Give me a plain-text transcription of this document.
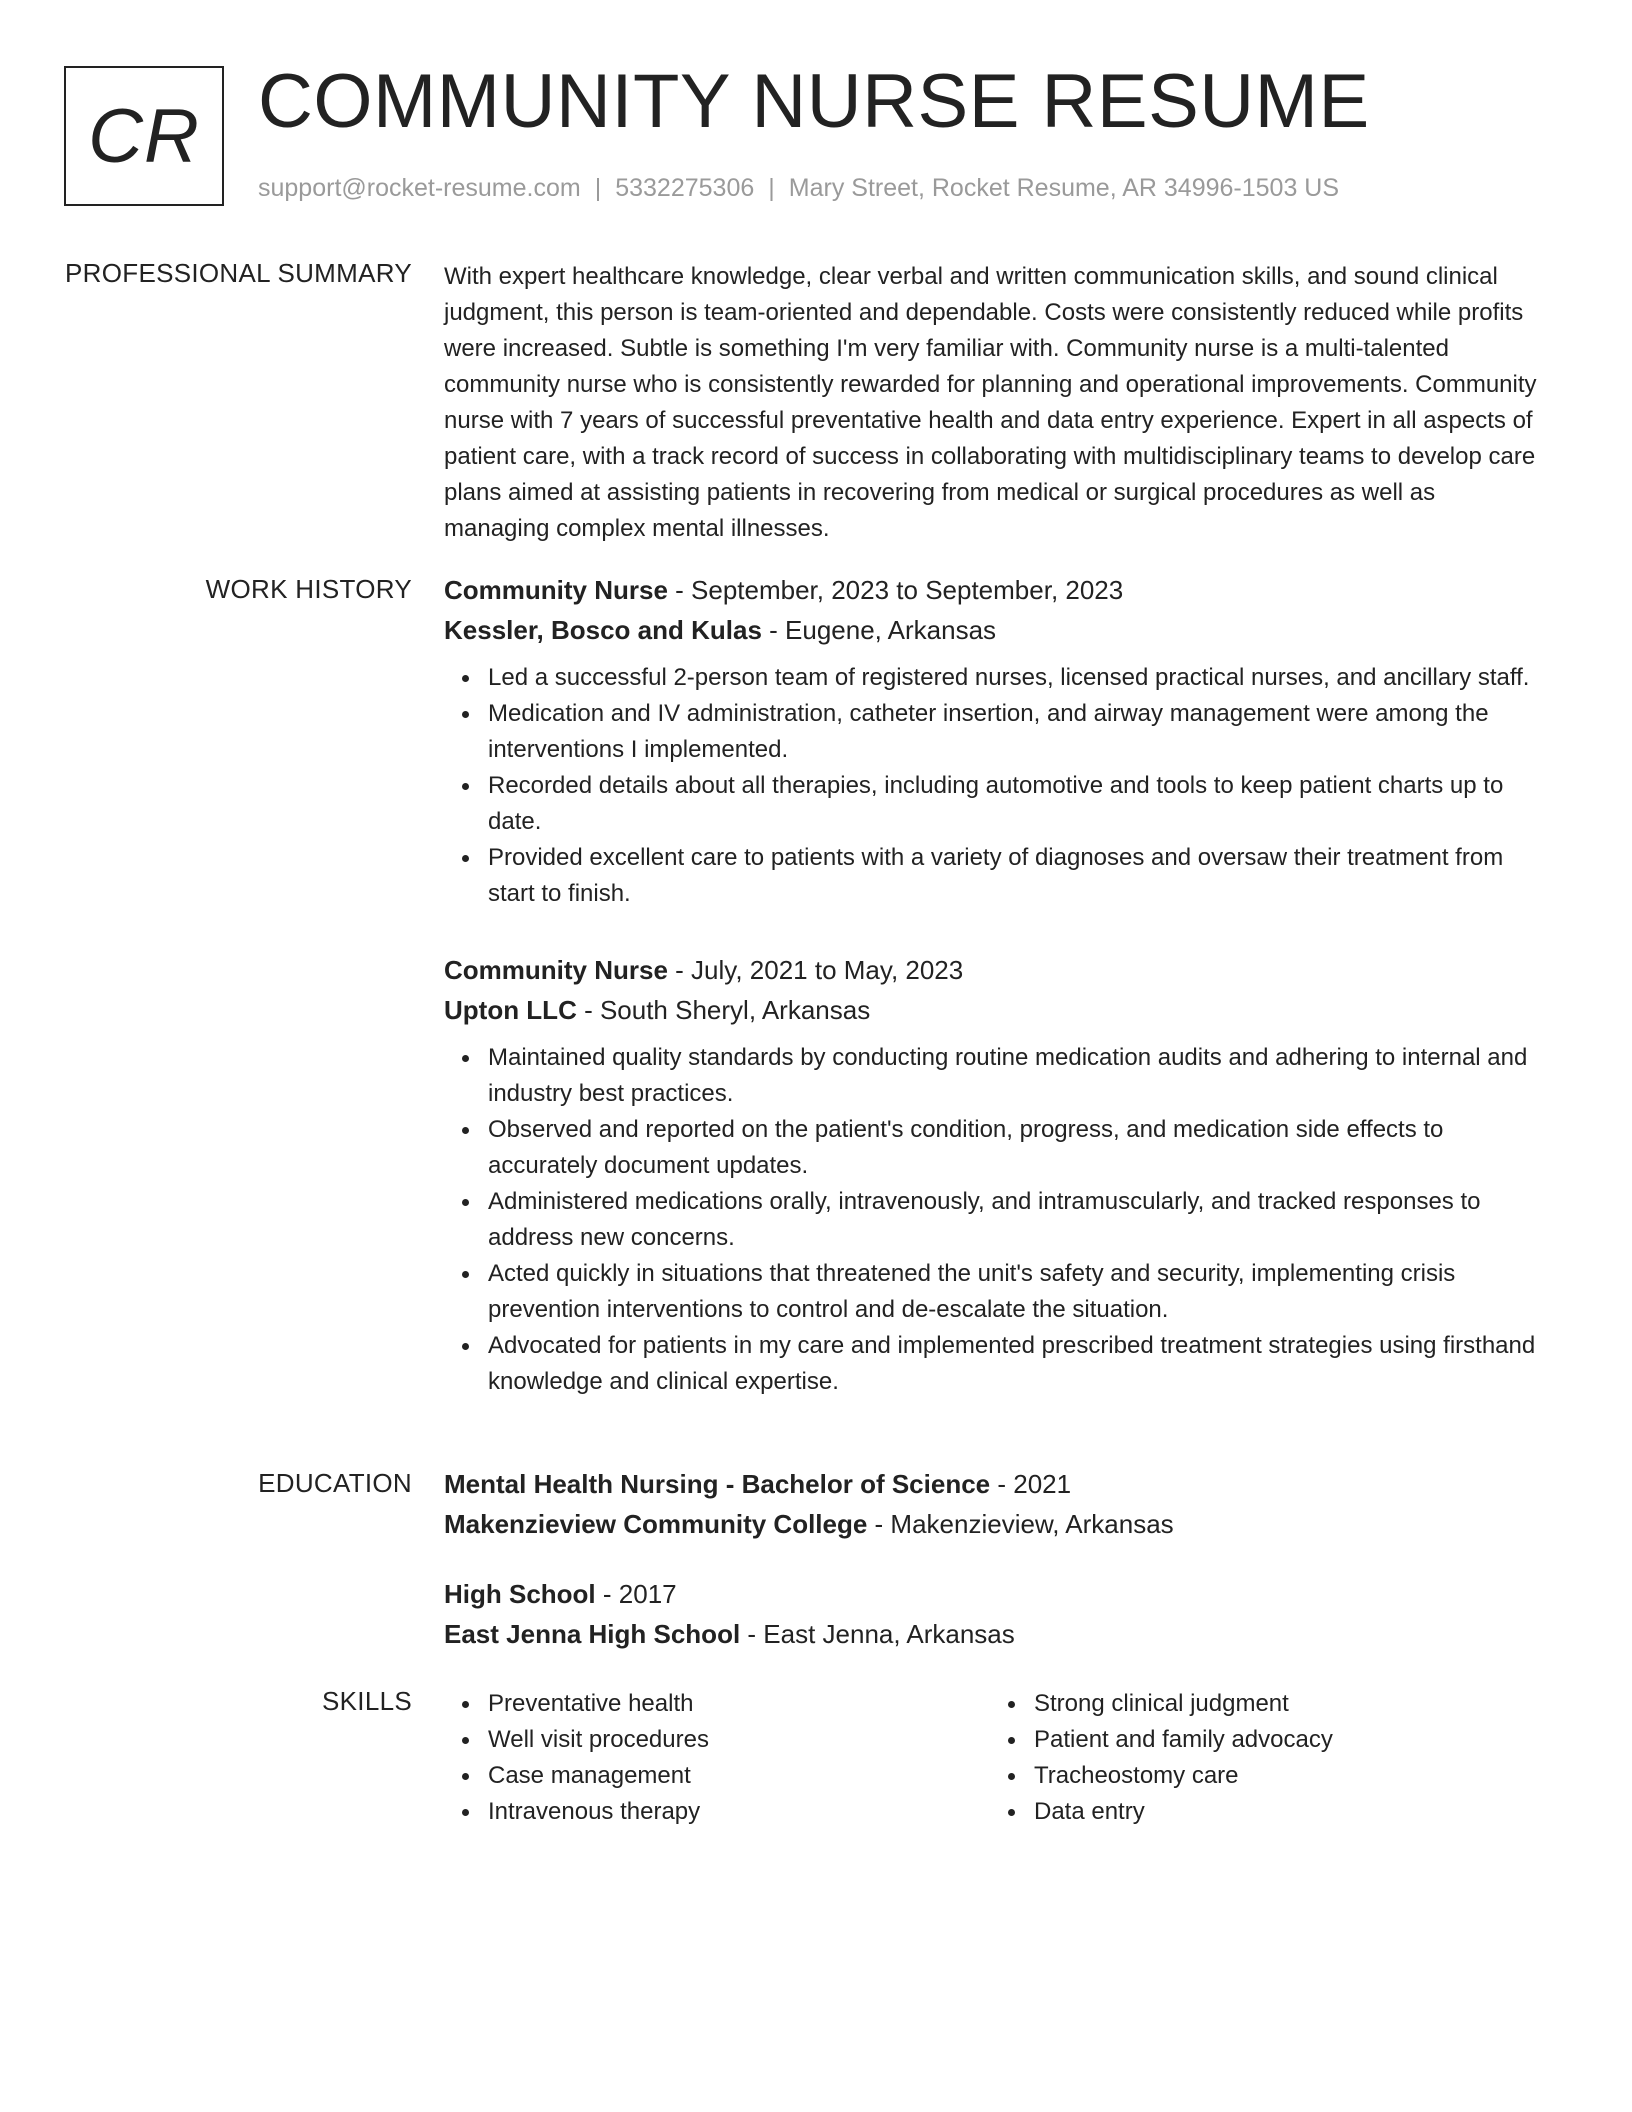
CR COMMUNITY NURSE RESUME
support@rocket-resume.com | 5332275306 | Mary Street, Rocket Resume, AR 34996-1503 US
PROFESSIONAL SUMMARY With expert healthcare knowledge, clear verbal and written communication skills, and sound clinical judgment, this person is team-oriented and dependable. Costs were consistently reduced while profits were increased. Subtle is something I'm very familiar with. Community nurse is a multi-talented community nurse who is consistently rewarded for planning and operational improvements. Community nurse with 7 years of successful preventative health and data entry experience. Expert in all aspects of patient care, with a track record of success in collaborating with multidisciplinary teams to develop care plans aimed at assisting patients in recovering from medical or surgical procedures as well as managing complex mental illnesses.

WORK HISTORY Community Nurse - September, 2023 to September, 2023
Kessler, Bosco and Kulas - Eugene, Arkansas
Led a successful 2-person team of registered nurses, licensed practical nurses, and ancillary staff.
Medication and IV administration, catheter insertion, and airway management were among the interventions I implemented.
Recorded details about all therapies, including automotive and tools to keep patient charts up to date.
Provided excellent care to patients with a variety of diagnoses and oversaw their treatment from start to finish.
Community Nurse - July, 2021 to May, 2023
Upton LLC - South Sheryl, Arkansas
Maintained quality standards by conducting routine medication audits and adhering to internal and industry best practices.
Observed and reported on the patient's condition, progress, and medication side effects to accurately document updates.
Administered medications orally, intravenously, and intramuscularly, and tracked responses to address new concerns.
Acted quickly in situations that threatened the unit's safety and security, implementing crisis prevention interventions to control and de-escalate the situation.
Advocated for patients in my care and implemented prescribed treatment strategies using firsthand knowledge and clinical expertise.
EDUCATION Mental Health Nursing - Bachelor of Science - 2021
Makenzieview Community College - Makenzieview, Arkansas
High School - 2017
East Jenna High School - East Jenna, Arkansas
SKILLS	Preventative health
Well visit procedures
Case management
Intravenous therapy
Strong clinical judgment
Patient and family advocacy
Tracheostomy care
Data entry
